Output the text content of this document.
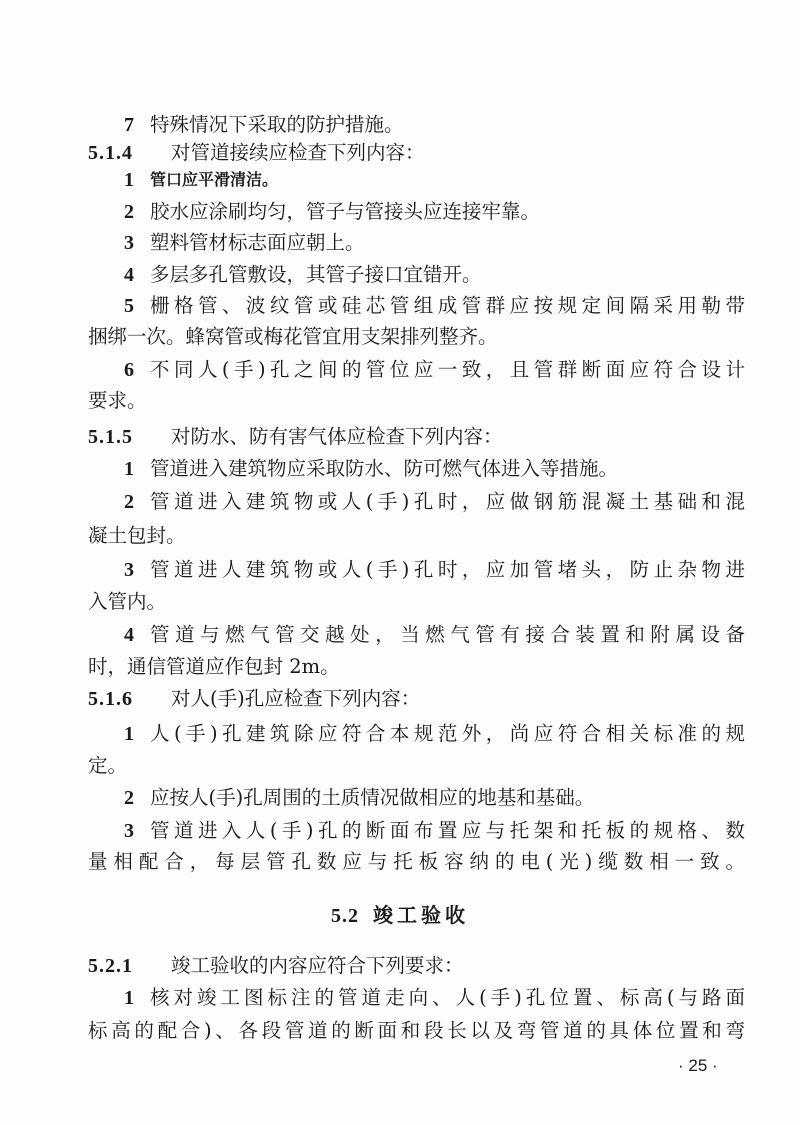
5.2 竣工验收
· 25 ·
7 特殊情况下采取的防护措施。
5.1.4 对管道接续应检查下列内容：
1 管口应平滑清洁。
2 胶水应涂刷均匀，管子与管接头应连接牢靠。
3 塑料管材标志面应朝上。
4 多层多孔管敷设，其管子接口宜错开。
5 栅格管、波纹管或硅芯管组成管群应按规定间隔采用勒带
捆绑一次。蜂窝管或梅花管宜用支架排列整齐。
6 不同人(手)孔之间的管位应一致，且管群断面应符合设计
要求。
5.1.5 对防水、防有害气体应检查下列内容：
1 管道进入建筑物应采取防水、防可燃气体进入等措施。
2 管道进入建筑物或人(手)孔时，应做钢筋混凝土基础和混
凝土包封。
3 管道进人建筑物或人(手)孔时，应加管堵头，防止杂物进
入管内。
4 管道与燃气管交越处，当燃气管有接合装置和附属设备
时，通信管道应作包封 2m。
5.1.6 对人(手)孔应检查下列内容：
1 人(手)孔建筑除应符合本规范外，尚应符合相关标准的规
定。
2 应按人(手)孔周围的土质情况做相应的地基和基础。
3 管道进入人(手)孔的断面布置应与托架和托板的规格、数
量相配合，每层管孔数应与托板容纳的电(光)缆数相一致。
5.2.1 竣工验收的内容应符合下列要求：
1 核对竣工图标注的管道走向、人(手)孔位置、标高(与路面
标高的配合)、各段管道的断面和段长以及弯管道的具体位置和弯
